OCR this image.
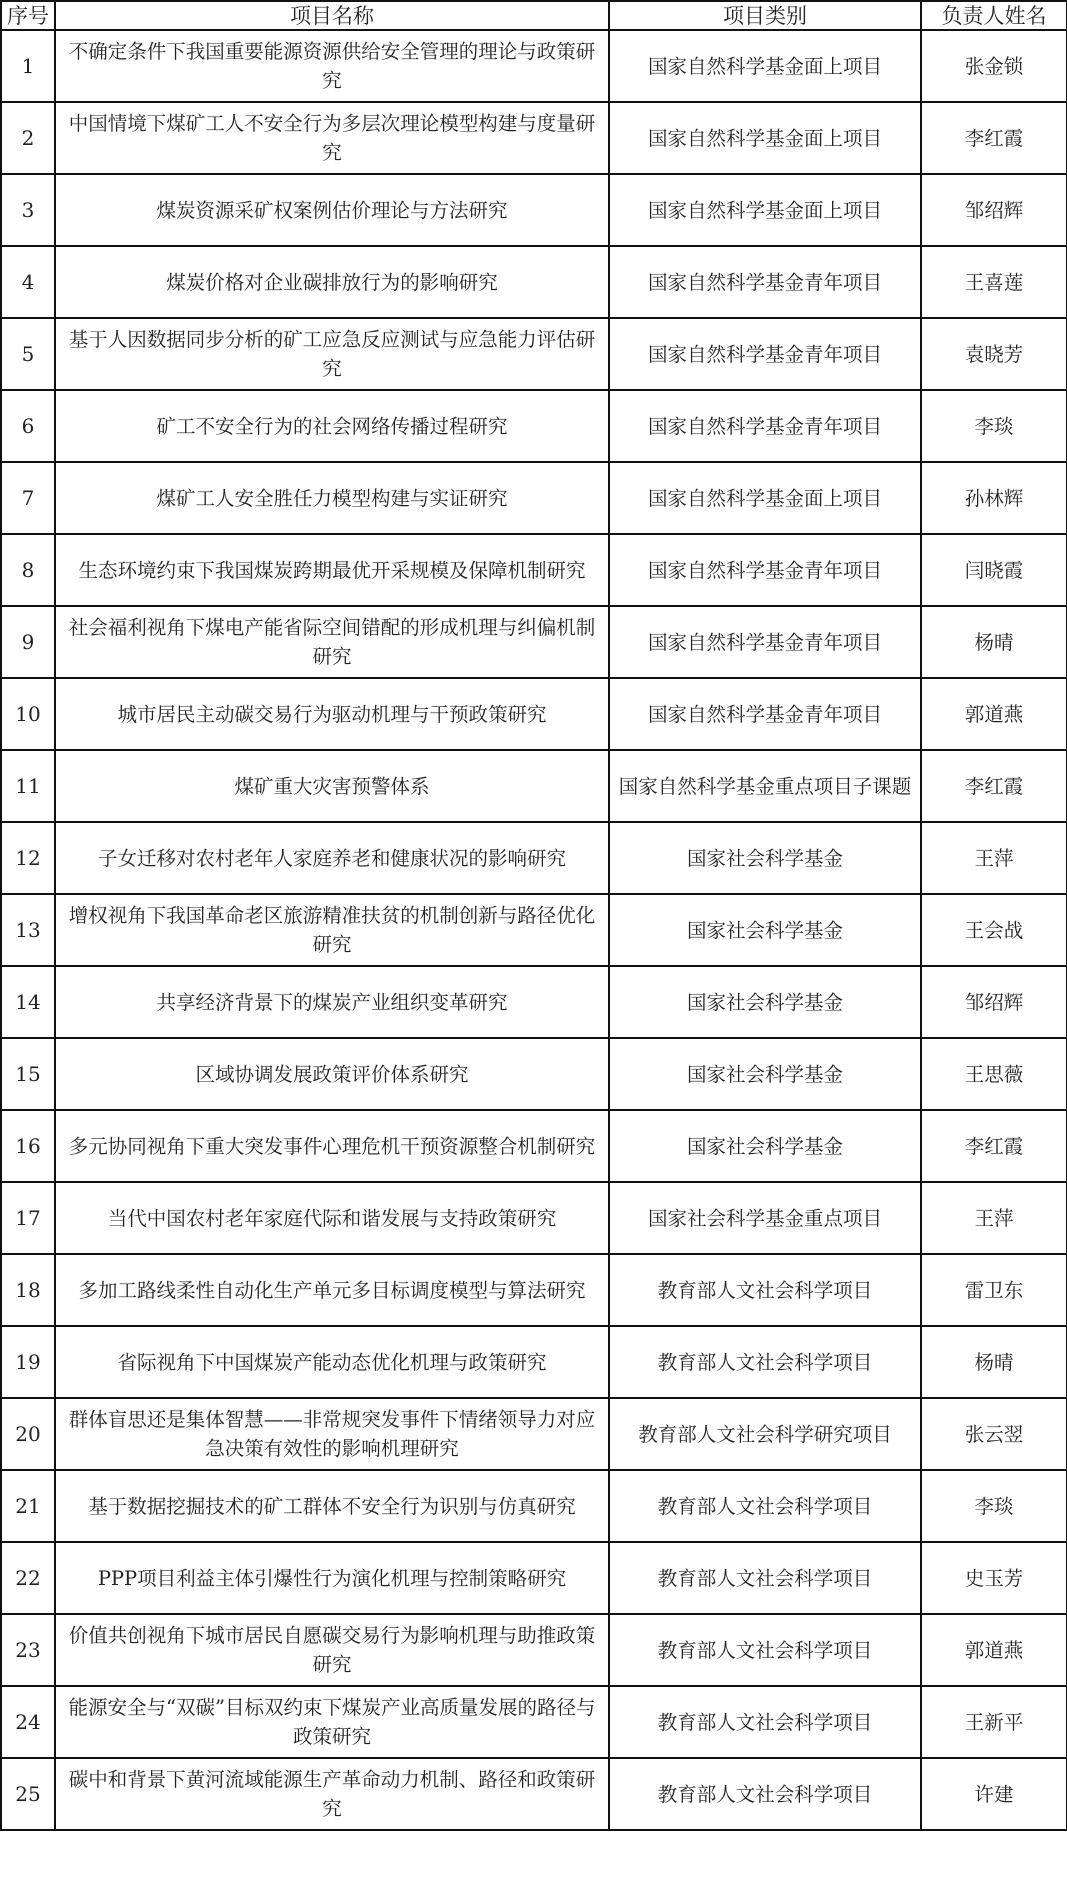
序号	项目名称	项目类别	负责人姓名
1	不确定条件下我国重要能源资源供给安全管理的理论与政策研究	国家自然科学基金面上项目	张金锁
2	中国情境下煤矿工人不安全行为多层次理论模型构建与度量研究	国家自然科学基金面上项目	李红霞
3	煤炭资源采矿权案例估价理论与方法研究	国家自然科学基金面上项目	邹绍辉
4	煤炭价格对企业碳排放行为的影响研究	国家自然科学基金青年项目	王喜莲
5	基于人因数据同步分析的矿工应急反应测试与应急能力评估研究	国家自然科学基金青年项目	袁晓芳
6	矿工不安全行为的社会网络传播过程研究	国家自然科学基金青年项目	李琰
7	煤矿工人安全胜任力模型构建与实证研究	国家自然科学基金面上项目	孙林辉
8	生态环境约束下我国煤炭跨期最优开采规模及保障机制研究	国家自然科学基金青年项目	闫晓霞
9	社会福利视角下煤电产能省际空间错配的形成机理与纠偏机制研究	国家自然科学基金青年项目	杨晴
10	城市居民主动碳交易行为驱动机理与干预政策研究	国家自然科学基金青年项目	郭道燕
11	煤矿重大灾害预警体系	国家自然科学基金重点项目子课题	李红霞
12	子女迁移对农村老年人家庭养老和健康状况的影响研究	国家社会科学基金	王萍
13	增权视角下我国革命老区旅游精准扶贫的机制创新与路径优化研究	国家社会科学基金	王会战
14	共享经济背景下的煤炭产业组织变革研究	国家社会科学基金	邹绍辉
15	区域协调发展政策评价体系研究	国家社会科学基金	王思薇
16	多元协同视角下重大突发事件心理危机干预资源整合机制研究	国家社会科学基金	李红霞
17	当代中国农村老年家庭代际和谐发展与支持政策研究	国家社会科学基金重点项目	王萍
18	多加工路线柔性自动化生产单元多目标调度模型与算法研究	教育部人文社会科学项目	雷卫东
19	省际视角下中国煤炭产能动态优化机理与政策研究	教育部人文社会科学项目	杨晴
20	群体盲思还是集体智慧——非常规突发事件下情绪领导力对应急决策有效性的影响机理研究	教育部人文社会科学研究项目	张云翌
21	基于数据挖掘技术的矿工群体不安全行为识别与仿真研究	教育部人文社会科学项目	李琰
22	PPP项目利益主体引爆性行为演化机理与控制策略研究	教育部人文社会科学项目	史玉芳
23	价值共创视角下城市居民自愿碳交易行为影响机理与助推政策研究	教育部人文社会科学项目	郭道燕
24	能源安全与“双碳”目标双约束下煤炭产业高质量发展的路径与政策研究	教育部人文社会科学项目	王新平
25	碳中和背景下黄河流域能源生产革命动力机制、路径和政策研究	教育部人文社会科学项目	许建
